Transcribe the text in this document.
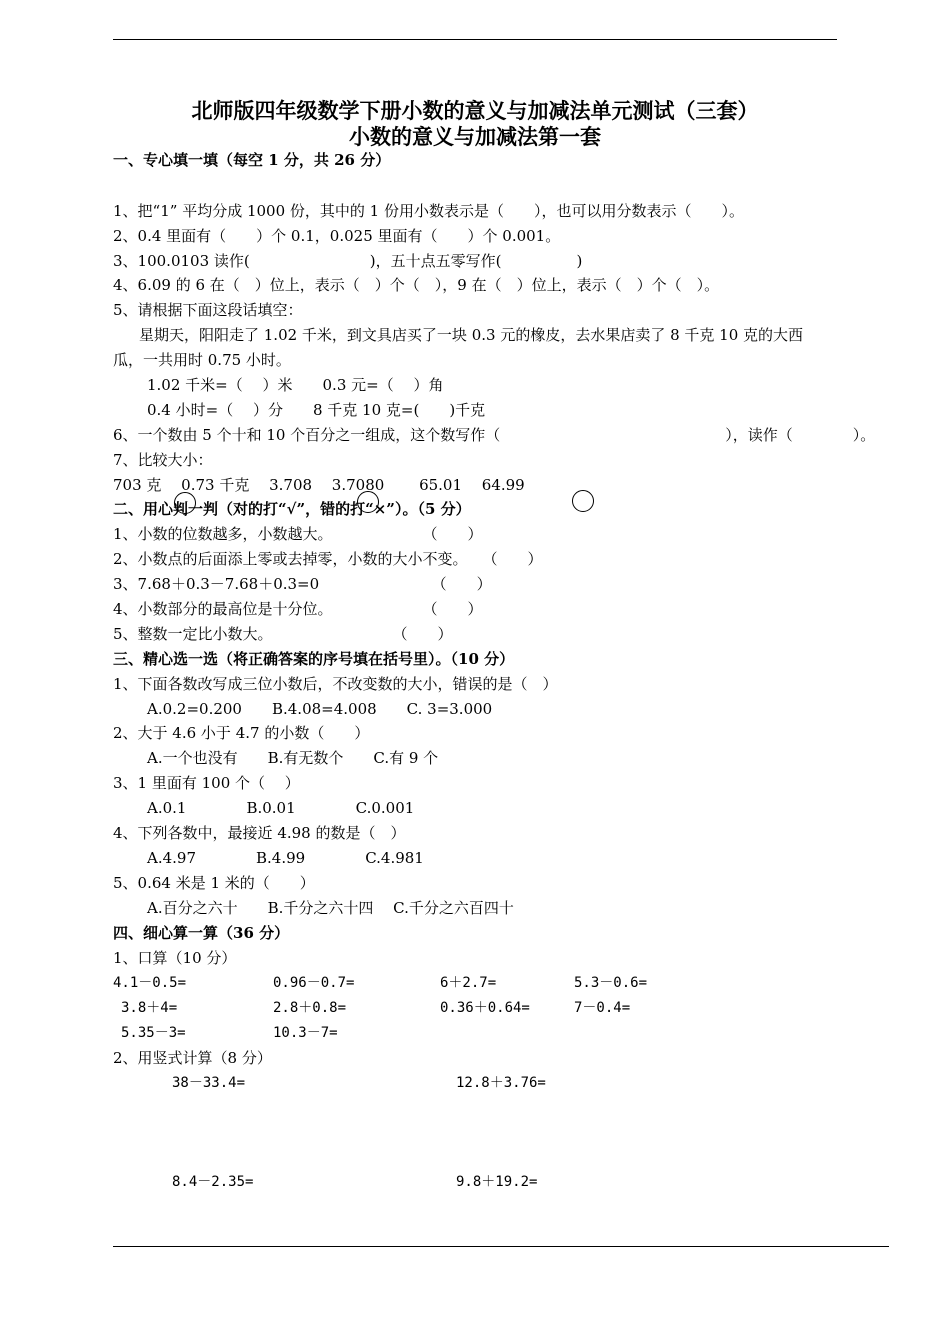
北师版四年级数学下册小数的意义与加减法单元测试（三套）
小数的意义与加减法第一套
一、专心填一填（每空 1 分，共 26 分）
1、把“1” 平均分成 1000 份，其中的 1 份用小数表示是（　　），也可以用分数表示（　　）。
2、0.4 里面有（　　）个 0.1，0.025 里面有（　　）个 0.001。
3、100.0103 读作(　　　　　　　　)，五十点五零写作(　　　　　)
4、6.09 的 6 在（　）位上，表示（　）个（　），9 在（　）位上，表示（　）个（　）。
5、请根据下面这段话填空：
星期天，阳阳走了 1.02 千米，到文具店买了一块 0.3 元的橡皮，去水果店卖了 8 千克 10 克的大西
瓜，一共用时 0.75 小时。
1.02 千米=（　 ）米　　0.3 元=（　 ）角
0.4 小时=（　 ）分　　8 千克 10 克=(　　)千克
6、一个数由 5 个十和 10 个百分之一组成，这个数写作（　　　　　　　　　　　　　　　），读作（　　　　）。
7、比较大小：
703 克　 0.73 千克　 3.708　 3.7080　　 65.01　 64.99
二、用心判一判（对的打“√”，错的打“×”）。（5 分）
1、小数的位数越多，小数越大。　　　　　　　（　　）
2、小数点的后面添上零或去掉零，小数的大小不变。　　（　　）
3、7.68＋0.3－7.68＋0.3=0　　　　　　　　（　　）
4、小数部分的最高位是十分位。　　　　　　　（　　）
5、整数一定比小数大。　　　　　　　　　（　　）
三、精心选一选（将正确答案的序号填在括号里）。（10 分）
1、下面各数改写成三位小数后，不改变数的大小，错误的是（　）
A.0.2=0.200　　B.4.08=4.008　　C. 3=3.000
2、大于 4.6 小于 4.7 的小数（　　）
A.一个也没有　　B.有无数个　　C.有 9 个
3、1 里面有 100 个（　 ）
A.0.1　　　　B.0.01　　　　C.0.001
4、下列各数中，最接近 4.98 的数是（　）
A.4.97　　　　B.4.99　　　　C.4.981
5、0.64 米是 1 米的（　　）
A.百分之六十　　B.千分之六十四　 C.千分之六百四十
四、细心算一算（36 分）
1、口算（10 分）
4.1－0.5=	0.96－0.7=	6＋2.7=	5.3－0.6=
3.8＋4=	2.8＋0.8=	0.36＋0.64=	7－0.4=
5.35－3=	10.3－7=
2、用竖式计算（8 分）
38－33.4=	12.8＋3.76=
8.4－2.35=	9.8＋19.2=
